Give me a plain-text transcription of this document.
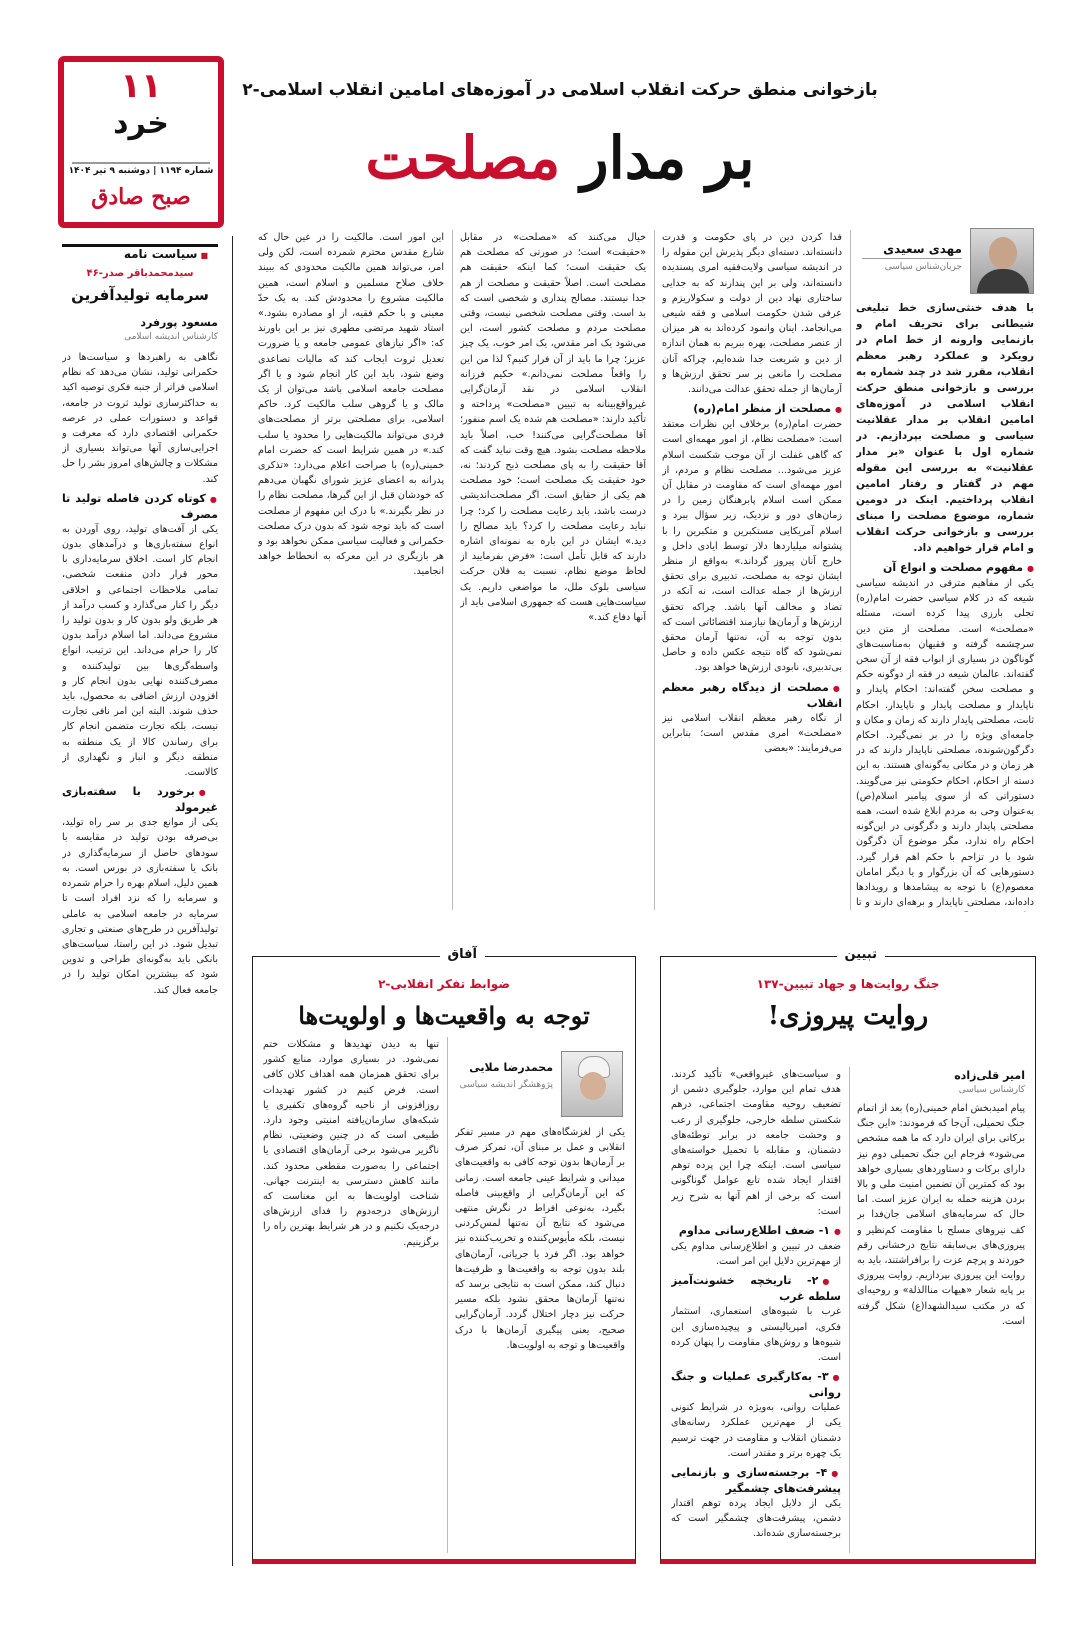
۱۱
خرد
شماره ۱۱۹۴ | دوشنبه ۹ تیر ۱۴۰۴
صبح صادق
بازخوانی منطق حرکت انقلاب اسلامی در آموزه‌های امامین انقلاب اسلامی-۲
بر مدار مصلحت
مهدی سعیدی
جریان‌شناس سیاسی
با هدف خنثی‌سازی خط تبلیغی شیطانی برای تحریف امام و بازنمایی وارونه از خط امام در رویکرد و عملکرد رهبر معظم انقلاب، مقرر شد در چند شماره به بررسی و بازخوانی منطق حرکت انقلاب اسلامی در آموزه‌های امامین انقلاب بر مدار عقلانیت سیاسی و مصلحت بپردازیم. در شماره اول با عنوان «بر مدار عقلانیت» به بررسی این مقوله مهم در گفتار و رفتار امامین انقلاب پرداختیم. اینک در دومین شماره، موضوع مصلحت را مبنای بررسی و بازخوانی حرکت انقلاب و امام قرار خواهیم داد.
● مفهوم مصلحت و انواع آن
یکی از مفاهیم مترقی در اندیشه سیاسی شیعه که در کلام سیاسی حضرت امام(ره) تجلی بارزی پیدا کرده است، مسئله «مصلحت» است. مصلحت از متن دین سرچشمه گرفته و فقیهان به‌مناسبت‌های گوناگون در بسیاری از ابواب فقه از آن سخن گفته‌اند. عالمان شیعه در فقه از دوگونه حکم و مصلحت سخن گفته‌اند: احکام پایدار و ناپایدار و مصلحت پایدار و ناپایدار. احکام ثابت، مصلحتی پایدار دارند که زمان و مکان و جامعه‌ای ویژه را در بر نمی‌گیرد. احکام دگرگون‌شونده، مصلحتی ناپایدار دارند که در هر زمان و در مکانی به‌گونه‌ای هستند. به این دسته از احکام، احکام حکومتی نیز می‌گویند. دستوراتی که از سوی پیامبر اسلام(ص) به‌عنوان وحی به مردم ابلاغ شده است، همه مصلحتی پایدار دارند و دگرگونی در این‌گونه احکام راه ندارد، مگر موضوع آن دگرگون شود یا در تزاحم با حکم اهم قرار گیرد. دستورهایی که آن بزرگوار و یا دیگر امامان معصوم(ع) با توجه به پیشامدها و رویدادها داده‌اند، مصلحتی ناپایدار و برهه‌ای دارند و تا
فدا کردن دین در پای حکومت و قدرت دانسته‌اند. دسته‌ای دیگر پذیرش این مقوله را در اندیشه سیاسی ولایت‌فقیه امری پسندیده دانسته‌اند، ولی بر این پندارند که به جدایی ساختاری نهاد دین از دولت و سکولاریزم و عرفی شدن حکومت اسلامی و فقه شیعی می‌انجامد. اینان وانمود کرده‌اند به هر میزان از عنصر مصلحت، بهره ببریم به همان اندازه از دین و شریعت جدا شده‌ایم، چراکه آنان مصلحت را مانعی بر سر تحقق ارزش‌ها و آرمان‌ها از جمله تحقق عدالت می‌دانند.
● مصلحت از منظر امام(ره)
حضرت امام(ره) برخلاف این نظرات معتقد است: «مصلحت نظام، از امور مهمه‌ای است که گاهی غفلت از آن موجب شکست اسلام عزیز می‌شود... مصلحت نظام و مردم، از امور مهمه‌ای است که مقاومت در مقابل آن ممکن است اسلام پابرهنگان زمین را در زمان‌های دور و نزدیک، زیر سؤال ببرد و اسلام آمریکایی مستکبرین و متکبرین را با پشتوانه میلیاردها دلار توسط ایادی داخل و خارج آنان پیروز گرداند.» به‌واقع از منظر ایشان توجه به مصلحت، تدبیری برای تحقق ارزش‌ها از جمله عدالت است، نه آنکه در تضاد و مخالف آنها باشد. چراکه تحقق ارزش‌ها و آرمان‌ها نیازمند اقتضائاتی است که بدون توجه به آن، نه‌تنها آرمان محقق نمی‌شود که گاه نتیجه عکس داده و حاصل بی‌تدبیری، نابودی ارزش‌ها خواهد بود.
● مصلحت از دیدگاه رهبر معظم انقلاب
از نگاه رهبر معظم انقلاب اسلامی نیز «مصلحت» امری مقدس است؛ بنابراین می‌فرمایند: «بعضی
خیال می‌کنند که «مصلحت» در مقابل «حقیقت» است؛ در صورتی که مصلحت هم یک حقیقت است؛ کما اینکه حقیقت هم مصلحت است. اصلاً حقیقت و مصلحت از هم جدا نیستند. مصالح پنداری و شخصی است که بد است. وقتی مصلحت شخصی نیست، وقتی مصلحت مردم و مصلحت کشور است، این می‌شود یک امر مقدس، یک امر خوب، یک چیز عزیز؛ چرا ما باید از آن فرار کنیم؟ لذا من این را واقعاً مصلحت نمی‌دانم.» حکیم فرزانه انقلاب اسلامی در نقد آرمان‌گرایی غیرواقع‌بینانه به تبیین «مصلحت» پرداخته و تأکید دارند: «مصلحت هم شده یک اسم منفور؛ آقا مصلحت‌گرایی می‌کنند! خب، اصلاً باید ملاحظه مصلحت بشود. هیچ وقت نباید گفت که آقا حقیقت را به پای مصلحت ذبح کردند؛ نه، خود حقیقت یک مصلحت است؛ خود مصلحت هم یکی از حقایق است. اگر مصلحت‌اندیشی درست باشد، باید رعایت مصلحت را کرد؛ چرا نباید رعایت مصلحت را کرد؟ باید مصالح را دید.» ایشان در این باره به نمونه‌ای اشاره دارند که قابل تأمل است: «فرض بفرمایید از لحاظ موضع نظام، نسبت به فلان حرکت سیاسی بلوک ملل، ما مواضعی داریم. یک سیاست‌هایی هست که جمهوری اسلامی باید از آنها دفاع کند.»
این امور است. مالکیت را در عین حال که شارع مقدس محترم شمرده است، لکن ولی امر، می‌تواند همین مالکیت محدودی که ببیند خلاف صلاح مسلمین و اسلام است، همین مالکیت مشروع را محدودش کند. به یک حدّ معینی و با حکم فقیه، از او مصادره بشود.» استاد شهید مرتضی مطهری نیز بر این باورند که: «اگر نیازهای عمومی جامعه و یا ضرورت تعدیل ثروت ایجاب کند که مالیات تصاعدی وضع شود، باید این کار انجام شود و یا اگر مصلحت جامعه اسلامی باشد می‌توان از یک مالک و یا گروهی سلب مالکیت کرد. حاکم اسلامی، برای مصلحتی برتر از مصلحت‌های فردی می‌تواند مالکیت‌هایی را محدود یا سلب کند.» در همین‌ شرایط است که حضرت امام خمینی(ره) با صراحت اعلام می‌دارد: «تذکری پدرانه به اعضای عزیز شورای نگهبان می‌دهم که خودشان قبل از این گیرها، مصلحت نظام را در نظر بگیرند.» با درک این مفهوم از مصلحت است که باید توجه شود که بدون درک مصلحت حکمرانی و فعالیت سیاسی ممکن نخواهد بود و هر بازیگری در این معرکه به انحطاط خواهد انجامید.
■ سیاست نامه
سیدمحمدباقر صدر-۴۶
سرمایه تولیدآفرین
مسعود پورفرد
کارشناس اندیشه اسلامی
نگاهی به راهبردها و سیاست‌ها در حکمرانی تولید، نشان می‌دهد که نظام اسلامی فراتر از جنبه فکری توصیه اکید به حداکثرسازی تولید ثروت در جامعه، قواعد و دستورات عملی در عرصه حکمرانی اقتصادی دارد که معرفت و اجرایی‌سازی آنها می‌تواند بسیاری از مشکلات و چالش‌های امروز بشر را حل کند.
● کوتاه کردن فاصله تولید تا مصرف
یکی از آفت‌های تولید، روی آوردن به انواع سفته‌بازی‌ها و درآمدهای بدون انجام کار است. اخلاق سرمایه‌داری با محور قرار دادن منفعت شخصی، تمامی ملاحظات اجتماعی و اخلاقی دیگر را کنار می‌گذارد و کسب درآمد از هر طریق ولو بدون کار و بدون تولید را مشروع می‌داند. اما اسلام درآمد بدون کار را حرام می‌داند. این ترتیب، انواع واسطه‌گری‌ها بین تولیدکننده و مصرف‌کننده نهایی بدون انجام کار و افزودن ارزش اضافی به محصول، باید حذف شوند. البته این امر نافی تجارت نیست، بلکه تجارت متضمن انجام کار برای رساندن کالا از یک منطقه به منطقه دیگر و انبار و نگهداری از کالاست.
● برخورد با سفته‌بازی غیرمولد
یکی از موانع جدی بر سر راه تولید، بی‌صرفه بودن تولید در مقایسه با سودهای حاصل از سرمایه‌گذاری در بانک یا سفته‌بازی در بورس است. به همین دلیل، اسلام بهره را حرام شمرده و سرمایه را که نزد افراد است تا سرمایه در جامعه اسلامی به عاملی تولیدآفرین در طرح‌های صنعتی و تجاری تبدیل شود. در این راستا، سیاست‌های بانکی باید به‌گونه‌ای طراحی و تدوین شود که بیشترین امکان تولید را در جامعه فعال کند.
تبیین
جنگ روایت‌ها و جهاد تبیین-۱۳۷
روایت پیروزی!
امیر قلی‌زاده
کارشناس سیاسی
پیام امیدبخش امام خمینی(ره) بعد از اتمام جنگ تحمیلی، آن‌جا که فرمودند: «این جنگ برکاتی برای ایران دارد که ما همه مشخص می‌شود» فرجام این جنگ تحمیلی دوم نیز دارای برکات و دستاوردهای بسیاری خواهد بود که کمترین آن تضمین امنیت ملی و بالا بردن هزینه حمله به ایران عزیز است. اما حال که سرمایه‌های اسلامی جان‌فدا بر کف نیروهای مسلح با مقاومت کم‌نظیر و پیروزی‌های بی‌سابقه نتایج درخشانی رقم خوردند و پرچم عزت را برافراشتند، باید به روایت این پیروزی بپردازیم. روایت پیروزی بر پایه شعار «هیهات مناالذلة» و روحیه‌ای که در مکتب سیدالشهدا(ع) شکل گرفته است.
و سیاست‌های غیرواقعی» تأکید کردند. هدف تمام این موارد، جلوگیری دشمن از تضعیف روحیه مقاومت اجتماعی، درهم شکستن سلطه خارجی، جلوگیری از رعب و وحشت جامعه در برابر توطئه‌های دشمنان، و مقابله با تحمیل خواسته‌های سیاسی است. اینکه چرا این پرده توهم اقتدار ایجاد شده تابع عوامل گوناگونی است که برخی از اهم آنها به شرح زیر است:
● ۱- ضعف اطلاع‌رسانی مداوم
ضعف در تبیین و اطلاع‌رسانی مداوم یکی از مهم‌ترین دلایل این امر است.
● ۲- تاریخچه خشونت‌آمیز سلطه غرب
غرب با شیوه‌های استعماری، استثمار فکری، امپریالیستی و پیچیده‌سازی این شیوه‌ها و روش‌های مقاومت را پنهان کرده است.
● ۳- به‌کارگیری عملیات و جنگ روانی
عملیات روانی، به‌ویژه در شرایط کنونی یکی از مهم‌ترین عملکرد رسانه‌های دشمنان انقلاب و مقاومت در جهت ترسیم یک چهره برتر و مقتدر است.
● ۴- برجسته‌سازی و بازنمایی پیشرفت‌های چشمگیر
یکی از دلایل ایجاد پرده توهم اقتدار دشمن، پیشرفت‌های چشمگیر است که برجسته‌سازی شده‌اند.
آفاق
ضوابط تفکر انقلابی-۲
توجه به واقعیت‌ها و اولویت‌ها
محمدرضا ملایی
پژوهشگر اندیشه سیاسی
یکی از لغزشگاه‌های مهم در مسیر تفکر انقلابی و عمل بر مبنای آن، تمرکز صرف بر آرمان‌ها بدون توجه کافی به واقعیت‌های میدانی و شرایط عینی جامعه است. زمانی که این آرمان‌گرایی از واقع‌بینی فاصله بگیرد، به‌نوعی افراط در نگرش منتهی می‌شود که نتایج آن نه‌تنها لمس‌کردنی نیست، بلکه مأیوس‌کننده و تخریب‌کننده نیز خواهد بود. اگر فرد یا جریانی، آرمان‌های بلند بدون توجه به واقعیت‌ها و ظرفیت‌ها دنبال کند، ممکن است به نتایجی برسد که نه‌تنها آرمان‌ها محقق نشود بلکه مسیر حرکت نیز دچار اختلال گردد. آرمان‌گرایی صحیح، یعنی پیگیری آرمان‌ها با درک واقعیت‌ها و توجه به اولویت‌ها.
تنها به دیدن تهدیدها و مشکلات ختم نمی‌شود. در بسیاری موارد، منابع کشور برای تحقق همزمان همه اهداف کلان کافی است. فرض کنیم در کشور تهدیدات روزافزونی از ناحیه گروه‌های تکفیری یا شبکه‌های سازمان‌یافته امنیتی وجود دارد. طبیعی است که در چنین وضعیتی، نظام ناگزیر می‌شود برخی آرمان‌های اقتصادی یا اجتماعی را به‌صورت مقطعی محدود کند. مانند کاهش دسترسی به اینترنت جهانی. شناخت اولویت‌ها به این معناست که ارزش‌های درجه‌دوم را فدای ارزش‌های درجه‌یک نکنیم و در هر شرایط بهترین راه را برگزینیم.
